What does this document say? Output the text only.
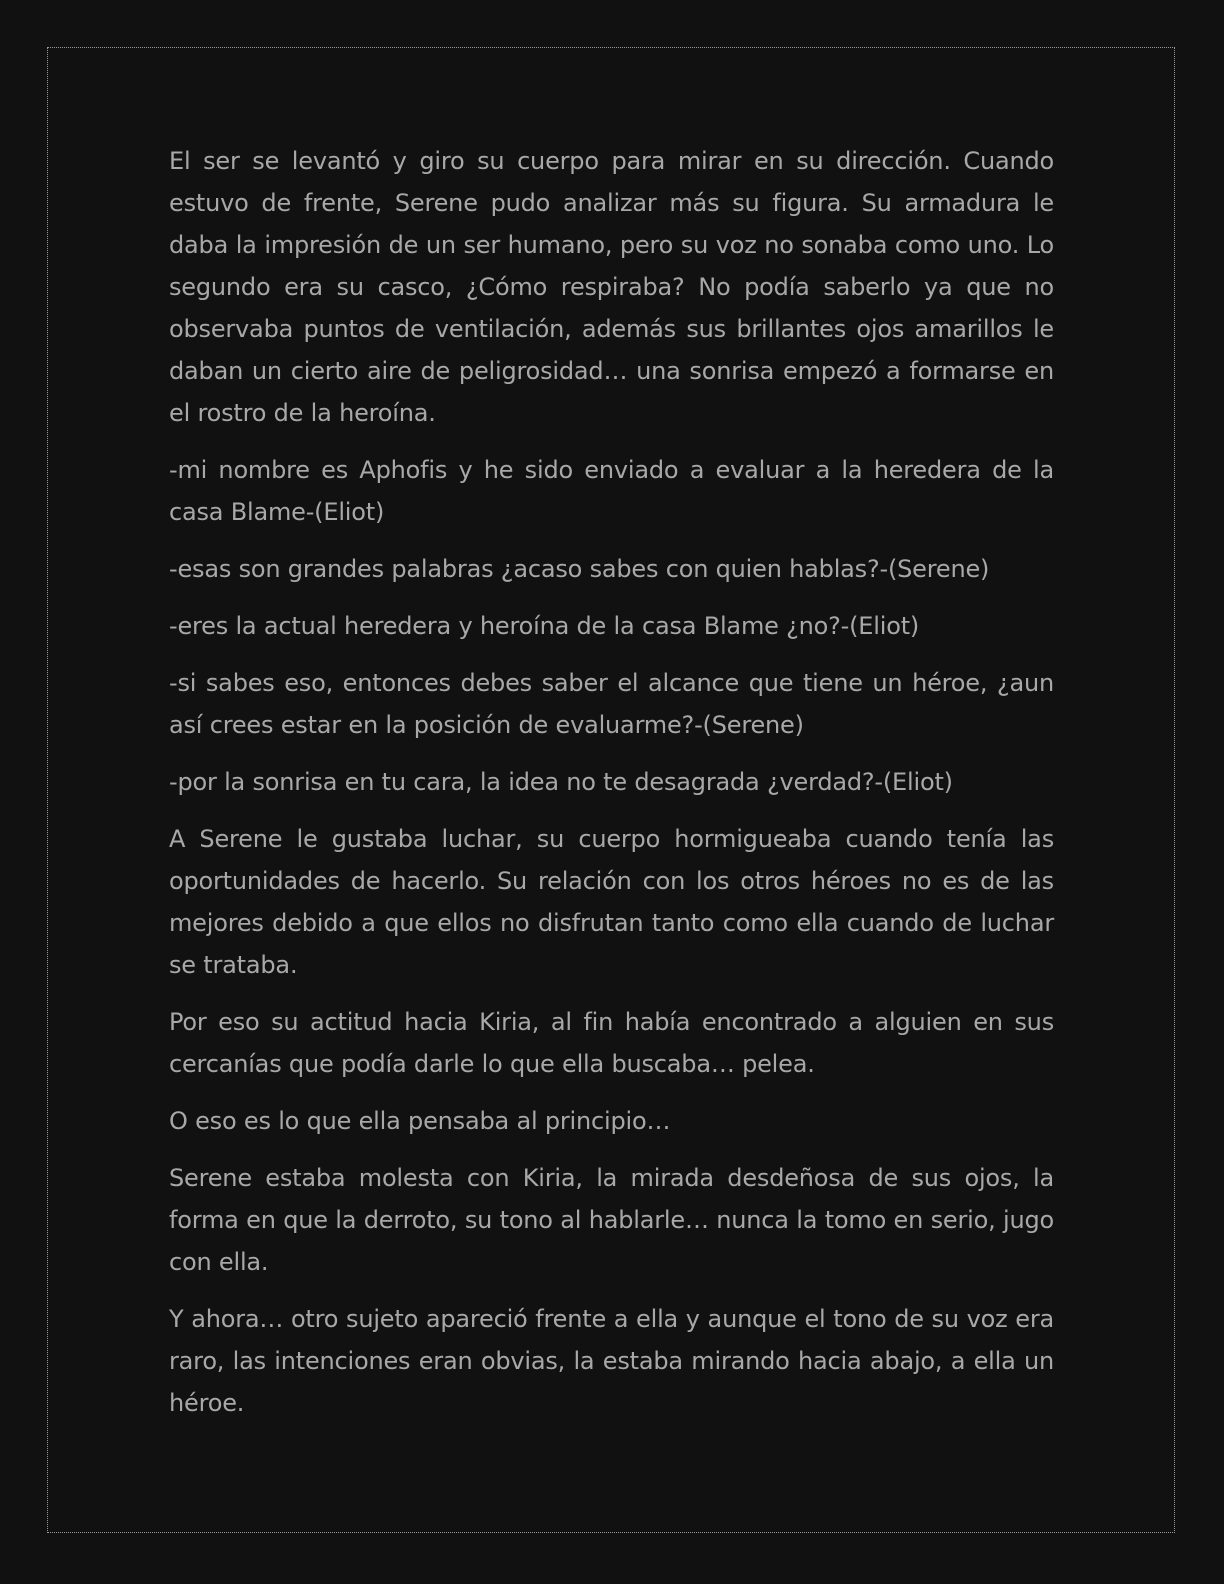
El ser se levantó y giro su cuerpo para mirar en su dirección. Cuando estuvo de frente, Serene pudo analizar más su figura. Su armadura le daba la impresión de un ser humano, pero su voz no sonaba como uno. Lo segundo era su casco, ¿Cómo respiraba? No podía saberlo ya que no observaba puntos de ventilación, además sus brillantes ojos amarillos le daban un cierto aire de peligrosidad… una sonrisa empezó a formarse en el rostro de la heroína.

-mi nombre es Aphofis y he sido enviado a evaluar a la heredera de la casa Blame-(Eliot)

-esas son grandes palabras ¿acaso sabes con quien hablas?-(Serene)

-eres la actual heredera y heroína de la casa Blame ¿no?-(Eliot)

-si sabes eso, entonces debes saber el alcance que tiene un héroe, ¿aun así crees estar en la posición de evaluarme?-(Serene)

-por la sonrisa en tu cara, la idea no te desagrada ¿verdad?-(Eliot)

A Serene le gustaba luchar, su cuerpo hormigueaba cuando tenía las oportunidades de hacerlo. Su relación con los otros héroes no es de las mejores debido a que ellos no disfrutan tanto como ella cuando de luchar se trataba.

Por eso su actitud hacia Kiria, al fin había encontrado a alguien en sus cercanías que podía darle lo que ella buscaba… pelea.

O eso es lo que ella pensaba al principio…

Serene estaba molesta con Kiria, la mirada desdeñosa de sus ojos, la forma en que la derroto, su tono al hablarle… nunca la tomo en serio, jugo con ella.

Y ahora… otro sujeto apareció frente a ella y aunque el tono de su voz era raro, las intenciones eran obvias, la estaba mirando hacia abajo, a ella un héroe.
